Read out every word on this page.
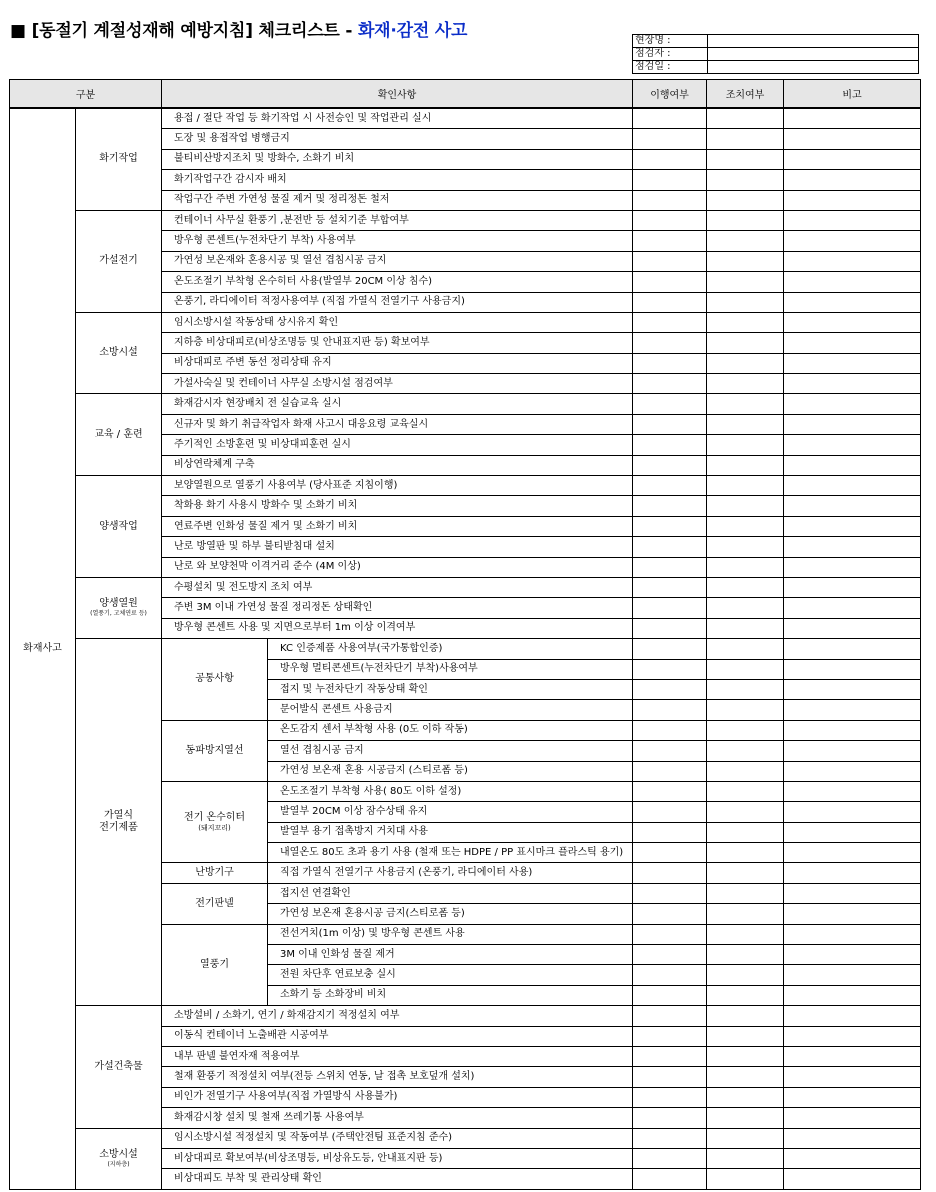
■ [동절기 계절성재해 예방지침] 체크리스트 - 화재·감전 사고	현장명 :	
점검자 :	
점검일 :	
구분		확인사항		이행여부	조치여부	비고
화재사고	화기작업	용접 / 절단 작업 등 화기작업 시 사전승인 및 작업관리 실시				
		도장 및 용접작업 병행금지				
		불티비산방지조치 및 방화수, 소화기 비치				
		화기작업구간 감시자 배치				
		작업구간 주변 가연성 물질 제거 및 정리정돈 철저				
	가설전기	컨테이너 사무실 환풍기 ,분전반 등 설치기준 부합여부				
		방우형 콘센트(누전차단기 부착) 사용여부				
		가연성 보온재와 혼용시공 및 열선 겹침시공 금지				
		온도조절기 부착형 온수히터 사용(발열부 20CM 이상 침수)				
		온풍기, 라디에이터 적정사용여부 (직접 가열식 전열기구 사용금지)				
	소방시설	임시소방시설 작동상태 상시유지 확인				
		지하층 비상대피로(비상조명등 및 안내표지판 등) 확보여부				
		비상대피로 주변 동선 정리상태 유지				
		가설사숙실 및 컨테이너 사무실 소방시설 점검여부				
	교육 / 훈련	화재감시자 현장배치 전 실습교육 실시				
		신규자 및 화기 취급작업자 화재 사고시 대응요령 교육실시				
		주기적인 소방훈련 및 비상대피훈련 실시				
		비상연락체계 구축				
	양생작업	보양열원으로 열풍기 사용여부 (당사표준 지침이행)				
		착화용 화기 사용시 방화수 및 소화기 비치				
		연료주변 인화성 물질 제거 및 소화기 비치				
		난로 방열판 및 하부 불티받침대 설치				
		난로 와 보양천막 이격거리 준수 (4M 이상)				
	양생열원
(열풍기, 고체연료 등)	수평설치 및 전도방지 조치 여부				
		주변 3M 이내 가연성 물질 정리정돈 상태확인				
		방우형 콘센트 사용 및 지면으로부터 1m 이상 이격여부				

	가열식
전기제품	공통사항	KC 인증제품 사용여부(국가통합인증)			
			방우형 멀티콘센트(누전차단기 부착)사용여부			
			접지 및 누전차단기 작동상태 확인			
			문어발식 콘센트 사용금지			

		동파방지열선	온도감지 센서 부착형 사용 (0도 이하 작동)			
			열선 겹침시공 금지			
			가연성 보온재 혼용 시공금지 (스티로폼 등)			

		전기 온수히터
(돼지꼬리)	온도조절기 부착형 사용( 80도 이하 설정)			
			발열부 20CM 이상 잠수상태 유지			
			발열부 용기 접촉방지 거치대 사용			
			내열온도 80도 초과 용기 사용 (철재 또는 HDPE / PP 표시마크 플라스틱 용기)			

		난방기구	직접 가열식 전열기구 사용금지 (온풍기, 라디에이터 사용)			

		전기판넬	접지선 연결확인			
			가연성 보온재 혼용시공 금지(스티로폼 등)			

		열풍기	전선거치(1m 이상) 및 방우형 콘센트 사용			
			3M 이내 인화성 물질 제거			
			전원 차단후 연료보충 실시			
			소화기 등 소화장비 비치			
	가설건축물	소방설비 / 소화기, 연기 / 화재감지기 적정설치 여부				
		이동식 컨테이너 노출배관 시공여부				
		내부 판넬 불연자재 적용여부				
		철재 환풍기 적정설치 여부(전등 스위치 연동, 날 접촉 보호덮개 설치)				
		비인가 전열기구 사용여부(직접 가열방식 사용불가)				
		화재감시창 설치 및 철재 쓰레기통 사용여부				
	소방시설
(지하층)	임시소방시설 적정설치 및 작동여부 (주택안전팀 표준지침 준수)				
		비상대피로 확보여부(비상조명등, 비상유도등, 안내표지판 등)				
		비상대피도 부착 및 관리상태 확인				
